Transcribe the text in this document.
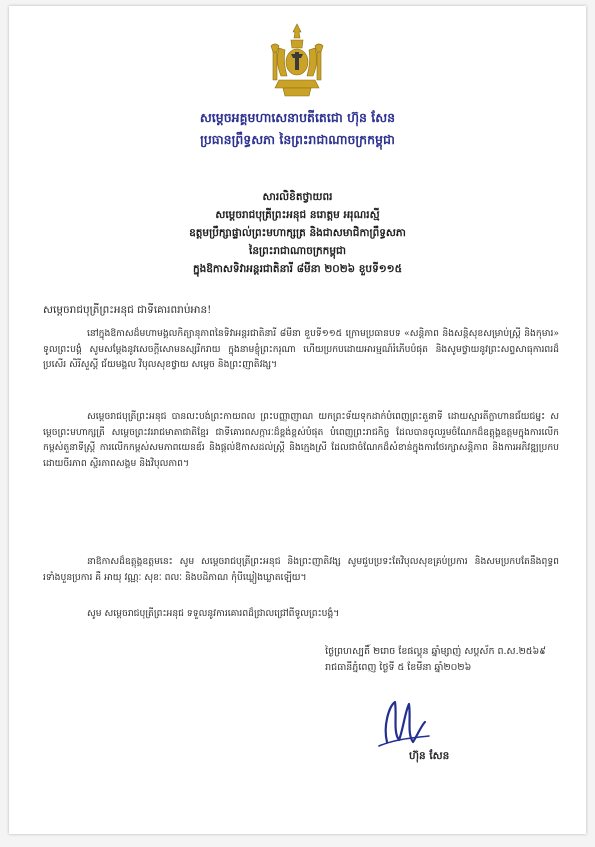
សម្តេចអគ្គមហាសេនាបតីតេជោ ហ៊ុន សែន
ប្រធានព្រឹទ្ធសភា នៃព្រះរាជាណាចក្រកម្ពុជា
សារលិខិតថ្វាយពរ
សម្តេចរាជបុត្រីព្រះអនុជ នរោត្តម អរុណរស្មី
ឧត្តមប្រឹក្សាផ្ទាល់ព្រះមហាក្សត្រ និងជាសមាជិកាព្រឹទ្ធសភា
នៃព្រះរាជាណាចក្រកម្ពុជា
ក្នុងឱកាសទិវាអន្តរជាតិនារី ៨មីនា ២០២៦ ខួបទី១១៥
សម្តេចរាជបុត្រីព្រះអនុជ ជាទីគោរពរាប់អាន!
នៅក្នុងឱកាសដ៏មហាមង្គលកិត្យានុភាពនៃទិវាអន្តរជាតិនារី ៨មីនា ខួបទី១១៥ ក្រោមប្រធានបទ «សន្តិភាព និងសន្តិសុខសម្រាប់ស្ត្រី និងកុមារ» ទូលព្រះបង្គំ សូមសម្តែងនូវសេចក្តីសោមនស្សរីករាយ ក្នុងនាមខ្ញុំព្រះករុណា ហើយប្រកបដោយអារម្មណ៍រំភើបបំផុត និងសូមថ្វាយនូវព្រះសព្ទសាធុការពរដ៏ប្រសើរ សិរីសួស្តី ជ័យមង្គល វិបុលសុខថ្វាយ សម្តេច និងព្រះញាតិវង្ស។
សម្តេចរាជបុត្រីព្រះអនុជ បានលះបង់ព្រះកាយពល ព្រះបញ្ញាញាណ យកព្រះទ័យទុកដាក់បំពេញព្រះតួនាទី ដោយស្មារតីក្លាហានជ័យជម្នះ សម្តេចព្រះមហាក្សត្រី សម្តេចព្រះវររាជមាតាជាតិខ្មែរ ជាទីគោរពសក្ការៈដ៏ខ្ពង់ខ្ពស់បំផុត បំពេញព្រះរាជកិច្ច ដែលបានចូលរួមចំណែកដ៏ឧត្តុង្គឧត្តមក្នុងការលើកកម្ពស់តួនាទីស្ត្រី ការលើកកម្ពស់សមភាពយេនឌ័រ និងផ្តល់ឱកាសដល់ស្ត្រី និងក្មេងស្រី ដែលជាចំណែកដ៏សំខាន់ក្នុងការថែរក្សាសន្តិភាព និងការអភិវឌ្ឍប្រកបដោយចីរភាព ស្ថិរភាពសង្គម និងវិបុលភាព។
នាឱកាសដ៏ឧត្តុង្គឧត្តមនេះ សូម សម្តេចរាជបុត្រីព្រះអនុជ និងព្រះញាតិវង្ស សូមជួបប្រទះតែវិបុលសុខគ្រប់ប្រការ និងសមប្រកបតែនឹងពុទ្ធពរទាំងបួនប្រការ គឺ អាយុ វណ្ណៈ សុខៈ ពលៈ និងបដិភាណ កុំបីឃ្លៀងឃ្លាតឡើយ។
សូម សម្តេចរាជបុត្រីព្រះអនុជ ទទួលនូវការគោរពដ៏ជ្រាលជ្រៅពីទូលព្រះបង្គំ។
ថ្ងៃព្រហស្បតិ៍ ២រោច ខែផល្គុន ឆ្នាំម្សាញ់ សប្តស័ក ព.ស.២៥៦៩
រាជធានីភ្នំពេញ ថ្ងៃទី ៥ ខែមីនា ឆ្នាំ២០២៦
ហ៊ុន សែន
